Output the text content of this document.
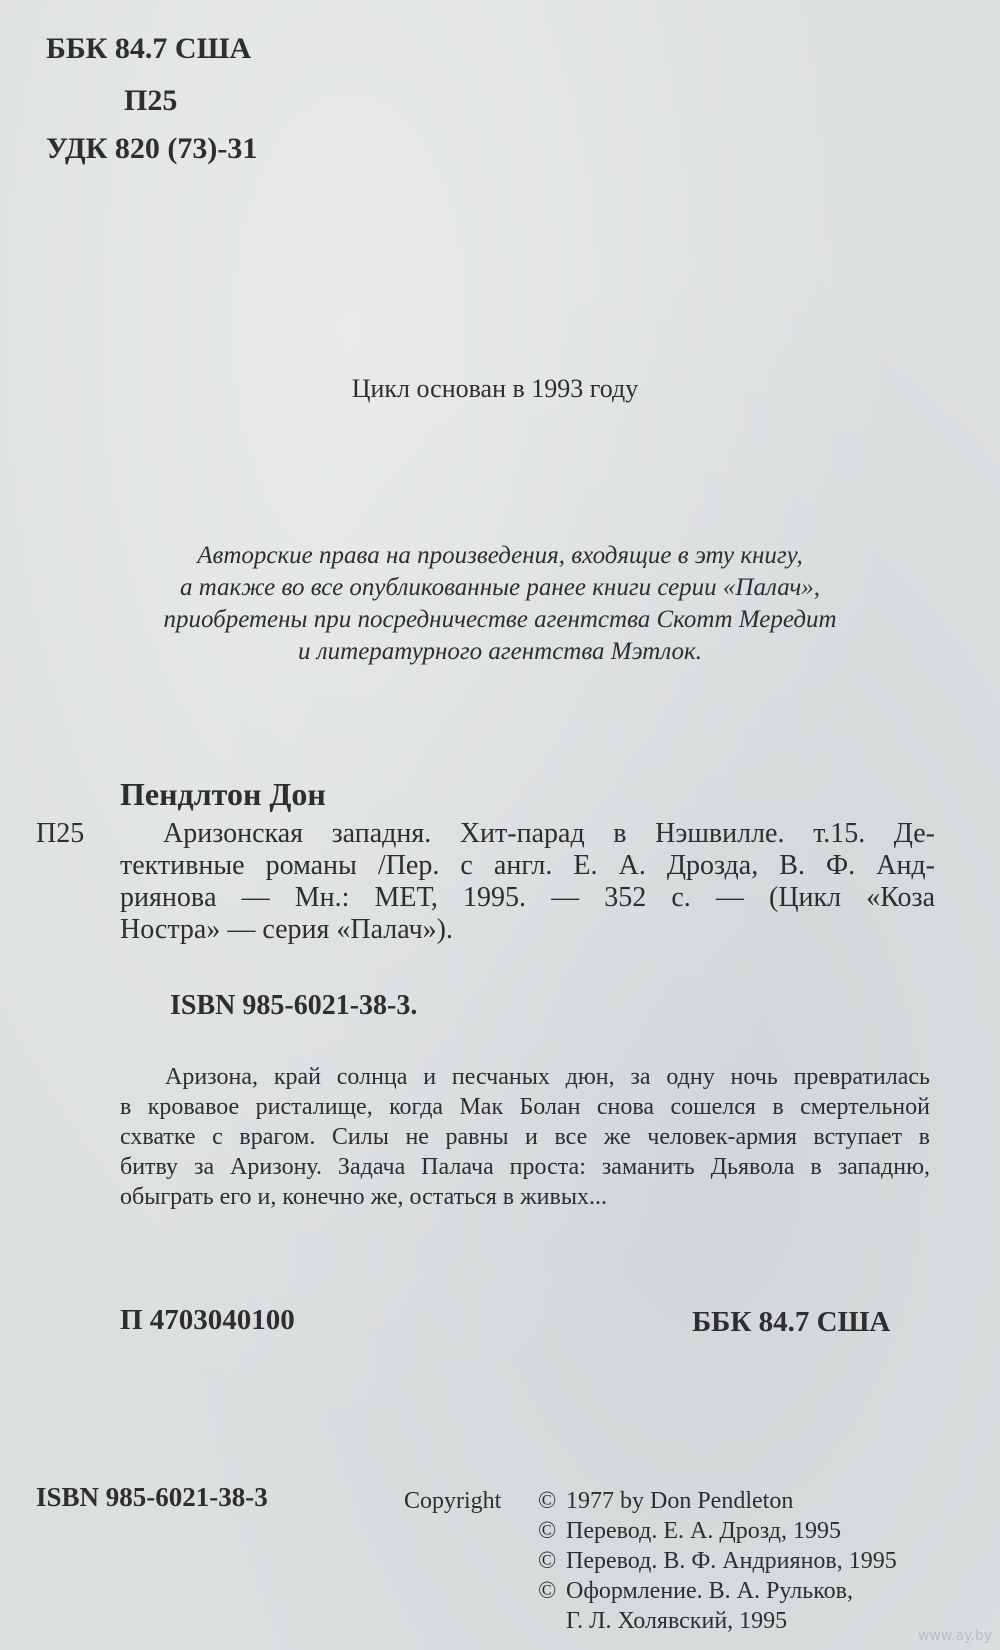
ББК 84.7 США
П25
УДК 820 (73)-31
Цикл основан в 1993 году
Авторские права на произведения, входящие в эту книгу,
а также во все опубликованные ранее книги серии «Палач»,
приобретены при посредничестве агентства Скотт Мередит
и литературного агентства Мэтлок.
Пендлтон Дон
П25	Аризонская западня. Хит-парад в Нэшвилле. т.15. Де-
тективные романы /Пер. с англ. Е. А. Дрозда, В. Ф. Анд-
рияновa — Мн.: МЕТ, 1995. — 352 с. — (Цикл «Коза
Ностра» — серия «Палач»).
ISBN 985-6021-38-3.
Аризона, край солнца и песчаных дюн, за одну ночь превратилась
в кровавое ристалище, когда Мак Болан снова сошелся в смертельной
схватке с врагом. Силы не равны и все же человек-армия вступает в
битву за Аризону. Задача Палача проста: заманить Дьявола в западню,
обыграть его и, конечно же, остаться в живых...
П 4703040100	ББК 84.7 США
ISBN 985-6021-38-3	Copyright © 1977 by Don Pendleton
© Перевод. Е. А. Дрозд, 1995
© Перевод. В. Ф. Андриянов, 1995
© Оформление. В. А. Рульков,
Г. Л. Холявский, 1995
www.ay.by
